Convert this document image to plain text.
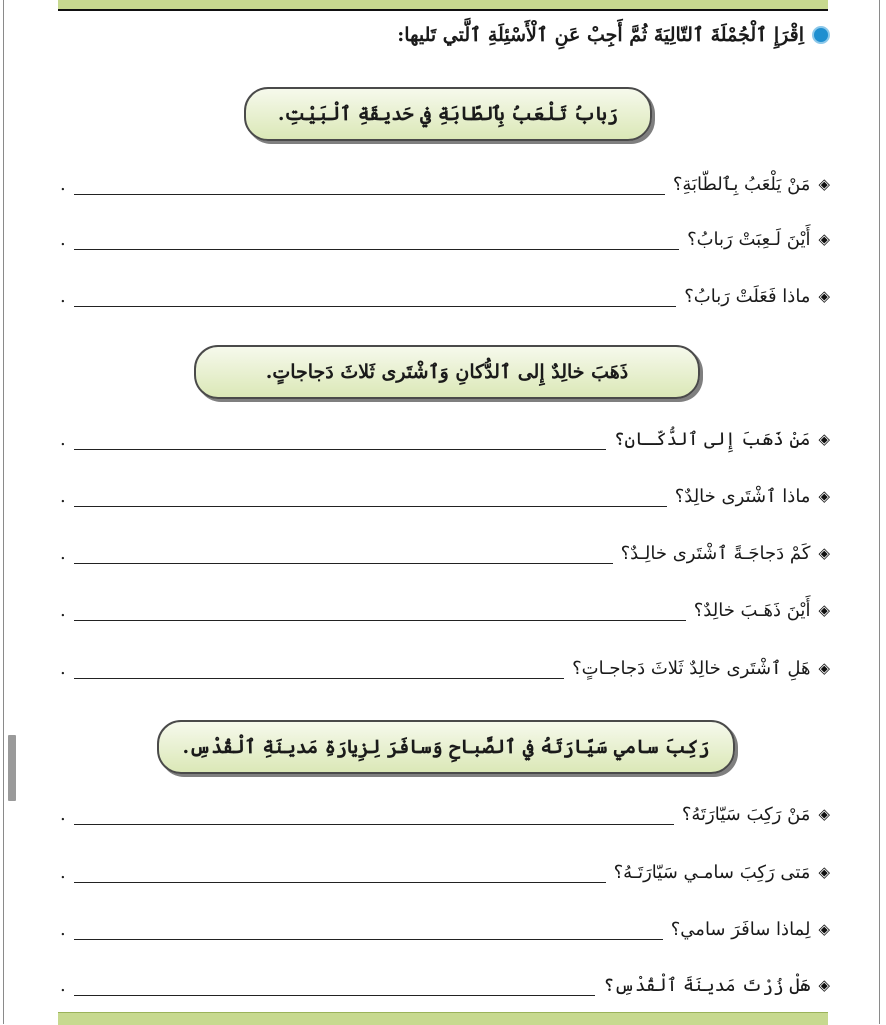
اِقْرَإِ ٱلْجُمْلَةَ ٱلتّالِيَةَ ثُمَّ أَجِبْ عَنِ ٱلْأَسْئِلَةِ ٱلَّتي تَليها:
رَبابُ تَلْعَبُ بِٱلطّابَةِ في حَديقَةِ ٱلْبَيْتِ.
◈
مَنْ يَلْعَبُ بِٱلطّابَةِ؟
.
◈
أَيْنَ لَـعِبَتْ رَبابُ؟
.
◈
ماذا فَعَلَتْ رَبابُ؟
.
ذَهَبَ خالِدٌ إِلى ٱلدُّكانِ وَٱشْتَرى ثَلاثَ دَجاجاتٍ.
◈
مَنْ ذَهَبَ إِلى ٱلدُّكّـانِ؟
.
◈
ماذا ٱشْتَرى خالِدٌ؟
.
◈
كَمْ دَجاجَـةً ٱشْتَرى خالِـدٌ؟
.
◈
أَيْنَ ذَهَـبَ خالِدٌ؟
.
◈
هَلِ ٱشْتَرى خالِدٌ ثَلاثَ دَجاجـاتٍ؟
.
رَكِبَ سامي سَيّارَتَهُ في ٱلصَّباحِ وَسافَرَ لِزِيارَةِ مَدينَةِ ٱلْقُدْسِ.
◈
مَنْ رَكِبَ سَيّارَتَهُ؟
.
◈
مَتى رَكِبَ سامـي سَيّارَتَـهُ؟
.
◈
لِماذا سافَرَ سامي؟
.
◈
هَلْ زُرْتَ مَدينَةَ ٱلْقُدْسِ؟
.
